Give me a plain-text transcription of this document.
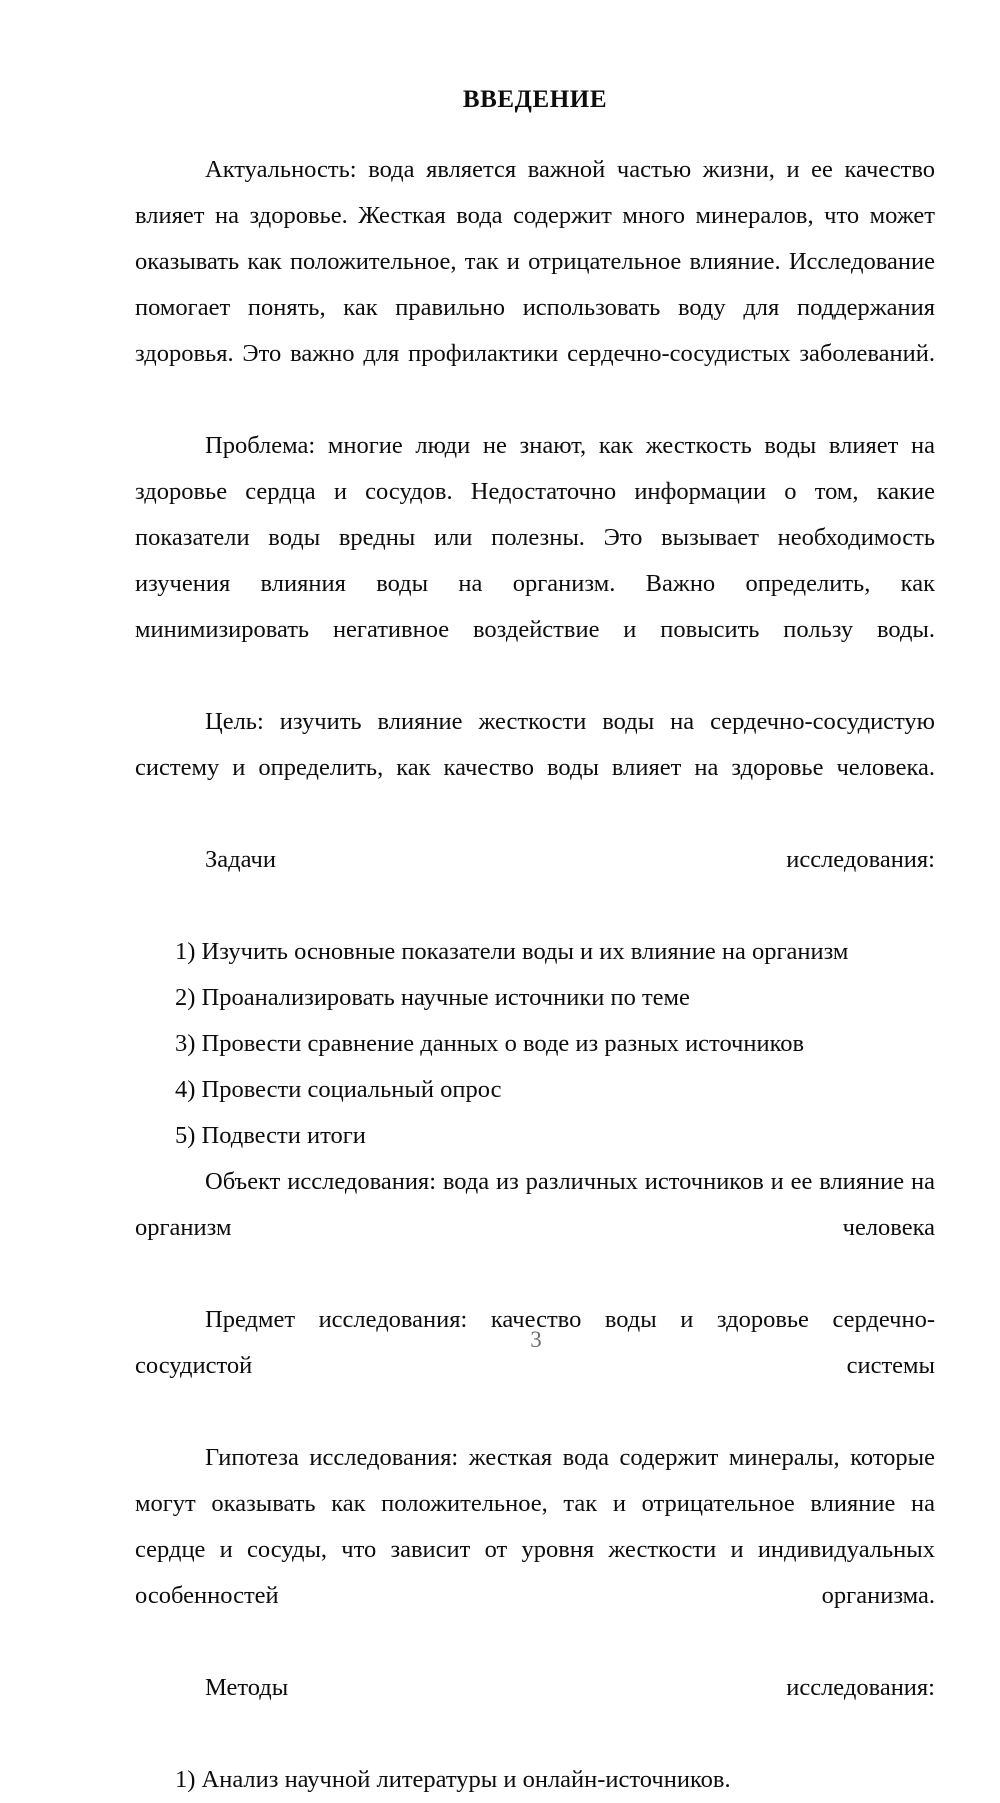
ВВЕДЕНИЕ

Актуальность: вода является важной частью жизни, и ее качество влияет на здоровье. Жесткая вода содержит много минералов, что может оказывать как положительное, так и отрицательное влияние. Исследование помогает понять, как правильно использовать воду для поддержания здоровья. Это важно для профилактики сердечно-сосудистых заболеваний.

Проблема: многие люди не знают, как жесткость воды влияет на здоровье сердца и сосудов. Недостаточно информации о том, какие показатели воды вредны или полезны. Это вызывает необходимость изучения влияния воды на организм. Важно определить, как минимизировать негативное воздействие и повысить пользу воды.

Цель: изучить влияние жесткости воды на сердечно-сосудистую систему и определить, как качество воды влияет на здоровье человека.

Задачи исследования:

1) Изучить основные показатели воды и их влияние на организм

2) Проанализировать научные источники по теме

3) Провести сравнение данных о воде из разных источников

4) Провести социальный опрос

5) Подвести итоги

Объект исследования: вода из различных источников и ее влияние на организм человека

Предмет исследования: качество воды и здоровье сердечно-сосудистой системы

Гипотеза исследования: жесткая вода содержит минералы, которые могут оказывать как положительное, так и отрицательное влияние на сердце и сосуды, что зависит от уровня жесткости и индивидуальных особенностей организма.

Методы исследования:

1) Анализ научной литературы и онлайн-источников.

3
